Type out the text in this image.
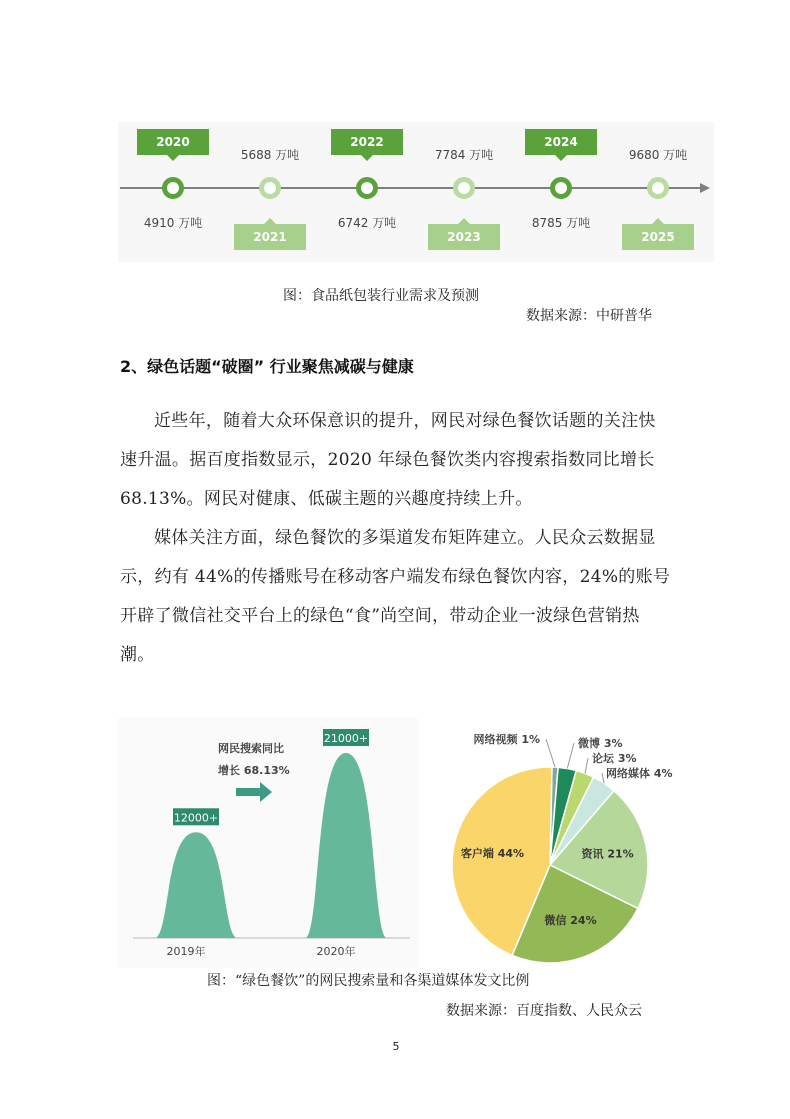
2020
4910 万吨
2021
5688 万吨
2022
6742 万吨
2023
7784 万吨
2024
8785 万吨
2025
9680 万吨
图：食品纸包装行业需求及预测
数据来源：中研普华
2、绿色话题“破圈” 行业聚焦减碳与健康

近些年，随着大众环保意识的提升，网民对绿色餐饮话题的关注快速升温。据百度指数显示，2020 年绿色餐饮类内容搜索指数同比增长 68.13%。网民对健康、低碳主题的兴趣度持续上升。

媒体关注方面，绿色餐饮的多渠道发布矩阵建立。人民众云数据显示，约有 44%的传播账号在移动客户端发布绿色餐饮内容，24%的账号开辟了微信社交平台上的绿色“食”尚空间，带动企业一波绿色营销热潮。

12000+
2019年
21000+
2020年
网民搜索同比
增长 68.13%
网络视频 1%	微博 3%
论坛 3%
网络媒体 4%
资讯 21%
微信 24%
客户端 44%
图：“绿色餐饮”的网民搜索量和各渠道媒体发文比例
数据来源：百度指数、人民众云
5
